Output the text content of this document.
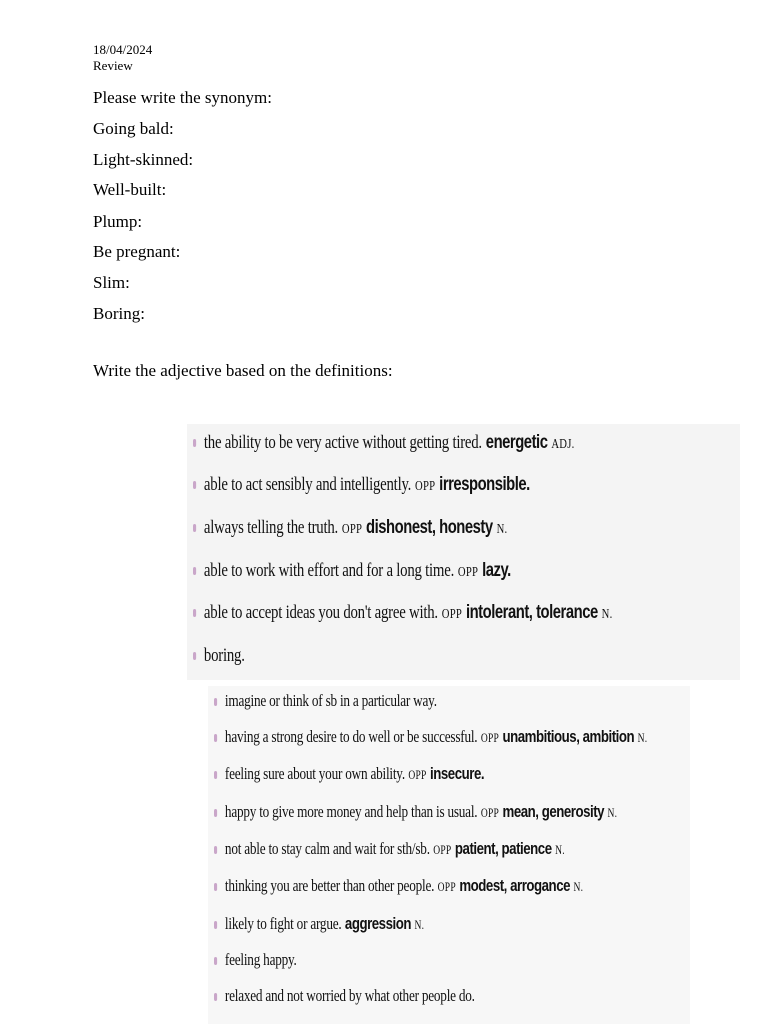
18/04/2024
Review
Please write the synonym:
Going bald:
Light-skinned:
Well-built:
Plump:
Be pregnant:
Slim:
Boring:
Write the adjective based on the definitions:
the ability to be very active without getting tired. energetic ADJ.
able to act sensibly and intelligently. OPP irresponsible.
always telling the truth. OPP dishonest, honesty N.
able to work with effort and for a long time. OPP lazy.
able to accept ideas you don't agree with. OPP intolerant, tolerance N.
boring.
imagine or think of sb in a particular way.
having a strong desire to do well or be successful. OPP unambitious, ambition N.
feeling sure about your own ability. OPP insecure.
happy to give more money and help than is usual. OPP mean, generosity N.
not able to stay calm and wait for sth/sb. OPP patient, patience N.
thinking you are better than other people. OPP modest, arrogance N.
likely to fight or argue. aggression N.
feeling happy.
relaxed and not worried by what other people do.
